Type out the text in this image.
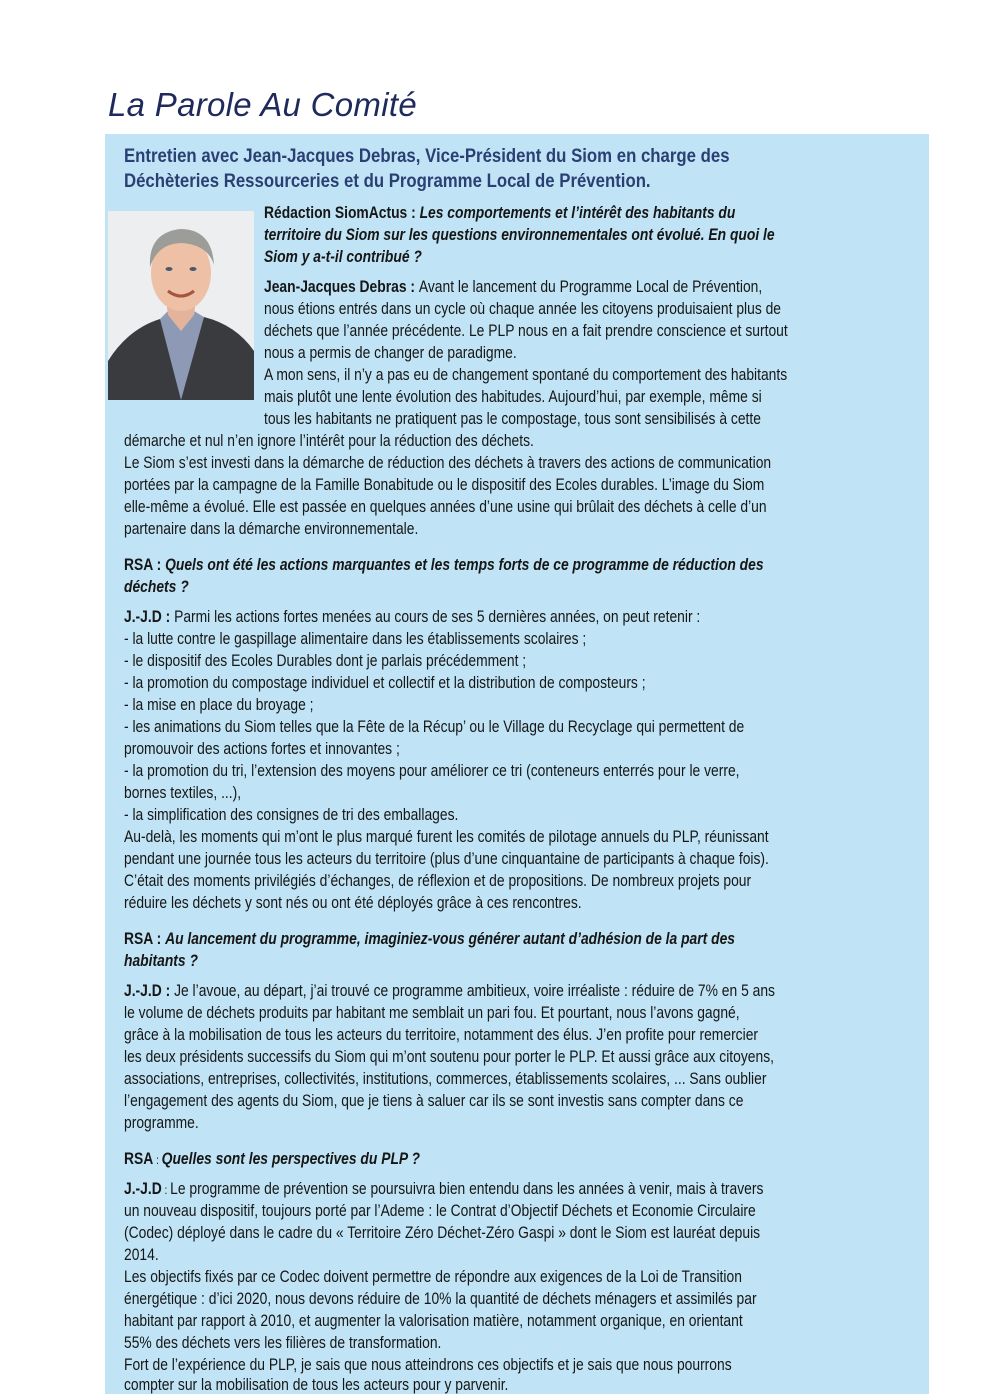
La Parole Au Comité
Entretien avec Jean-Jacques Debras, Vice-Président du Siom en charge des
Déchèteries Ressourceries et du Programme Local de Prévention.
Rédaction SiomActus : Les comportements et l’intérêt des habitants du
territoire du Siom sur les questions environnementales ont évolué. En quoi le
Siom y a-t-il contribué ?
Jean-Jacques Debras : Avant le lancement du Programme Local de Prévention,
nous étions entrés dans un cycle où chaque année les citoyens produisaient plus de
déchets que l’année précédente. Le PLP nous en a fait prendre conscience et surtout
nous a permis de changer de paradigme.
A mon sens, il n’y a pas eu de changement spontané du comportement des habitants
mais plutôt une lente évolution des habitudes. Aujourd’hui, par exemple, même si
tous les habitants ne pratiquent pas le compostage, tous sont sensibilisés à cette
démarche et nul n’en ignore l’intérêt pour la réduction des déchets.
Le Siom s’est investi dans la démarche de réduction des déchets à travers des actions de communication
portées par la campagne de la Famille Bonabitude ou le dispositif des Ecoles durables. L’image du Siom
elle-même a évolué. Elle est passée en quelques années d’une usine qui brûlait des déchets à celle d’un
partenaire dans la démarche environnementale.
RSA : Quels ont été les actions marquantes et les temps forts de ce programme de réduction des
déchets ?
J.-J.D : Parmi les actions fortes menées au cours de ses 5 dernières années, on peut retenir :
- la lutte contre le gaspillage alimentaire dans les établissements scolaires ;
- le dispositif des Ecoles Durables dont je parlais précédemment ;
- la promotion du compostage individuel et collectif et la distribution de composteurs ;
- la mise en place du broyage ;
- les animations du Siom telles que la Fête de la Récup’ ou le Village du Recyclage qui permettent de
promouvoir des actions fortes et innovantes ;
- la promotion du tri, l’extension des moyens pour améliorer ce tri (conteneurs enterrés pour le verre,
bornes textiles, ...),
- la simplification des consignes de tri des emballages.
Au-delà, les moments qui m’ont le plus marqué furent les comités de pilotage annuels du PLP, réunissant
pendant une journée tous les acteurs du territoire (plus d’une cinquantaine de participants à chaque fois).
C’était des moments privilégiés d’échanges, de réflexion et de propositions. De nombreux projets pour
réduire les déchets y sont nés ou ont été déployés grâce à ces rencontres.
RSA : Au lancement du programme, imaginiez-vous générer autant d’adhésion de la part des
habitants ?
J.-J.D : Je l’avoue, au départ, j’ai trouvé ce programme ambitieux, voire irréaliste : réduire de 7% en 5 ans
le volume de déchets produits par habitant me semblait un pari fou. Et pourtant, nous l’avons gagné,
grâce à la mobilisation de tous les acteurs du territoire, notamment des élus. J’en profite pour remercier
les deux présidents successifs du Siom qui m’ont soutenu pour porter le PLP. Et aussi grâce aux citoyens,
associations, entreprises, collectivités, institutions, commerces, établissements scolaires, ... Sans oublier
l’engagement des agents du Siom, que je tiens à saluer car ils se sont investis sans compter dans ce
programme.
RSA : Quelles sont les perspectives du PLP ?
J.-J.D : Le programme de prévention se poursuivra bien entendu dans les années à venir, mais à travers
un nouveau dispositif, toujours porté par l’Ademe : le Contrat d’Objectif Déchets et Economie Circulaire
(Codec) déployé dans le cadre du « Territoire Zéro Déchet-Zéro Gaspi » dont le Siom est lauréat depuis
2014.
Les objectifs fixés par ce Codec doivent permettre de répondre aux exigences de la Loi de Transition
énergétique : d’ici 2020, nous devons réduire de 10% la quantité de déchets ménagers et assimilés par
habitant par rapport à 2010, et augmenter la valorisation matière, notamment organique, en orientant
55% des déchets vers les filières de transformation.
Fort de l’expérience du PLP, je sais que nous atteindrons ces objectifs et je sais que nous pourrons
compter sur la mobilisation de tous les acteurs pour y parvenir.
